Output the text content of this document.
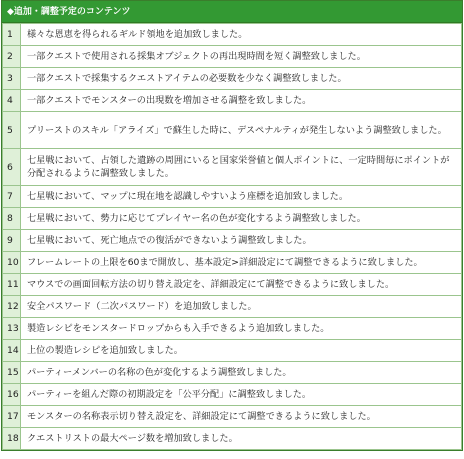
◆追加・調整予定のコンテンツ
1	様々な恩恵を得られるギルド領地を追加致しました。
2	一部クエストで使用される採集オブジェクトの再出現時間を短く調整致しました。
3	一部クエストで採集するクエストアイテムの必要数を少なく調整致しました。
4	一部クエストでモンスターの出現数を増加させる調整を致しました。
5	プリーストのスキル「アライズ」で蘇生した時に、デスペナルティが発生しないよう調整致しました。
6	七星戦において、占領した遺跡の周囲にいると国家栄誉値と個人ポイントに、一定時間毎にポイントが分配されるように調整致しました。
7	七星戦において、マップに現在地を認識しやすいよう座標を追加致しました。
8	七星戦において、勢力に応じてプレイヤー名の色が変化するよう調整致しました。
9	七星戦において、死亡地点での復活ができないよう調整致しました。
10	フレームレートの上限を60まで開放し、基本設定>詳細設定にて調整できるように致しました。
11	マウスでの画面回転方法の切り替え設定を、詳細設定にて調整できるように致しました。
12	安全パスワード（二次パスワード）を追加致しました。
13	製造レシピをモンスタードロップからも入手できるよう追加致しました。
14	上位の製造レシピを追加致しました。
15	パーティーメンバーの名称の色が変化するよう調整致しました。
16	パーティーを組んだ際の初期設定を「公平分配」に調整致しました。
17	モンスターの名称表示切り替え設定を、詳細設定にて調整できるように致しました。
18	クエストリストの最大ページ数を増加致しました。
